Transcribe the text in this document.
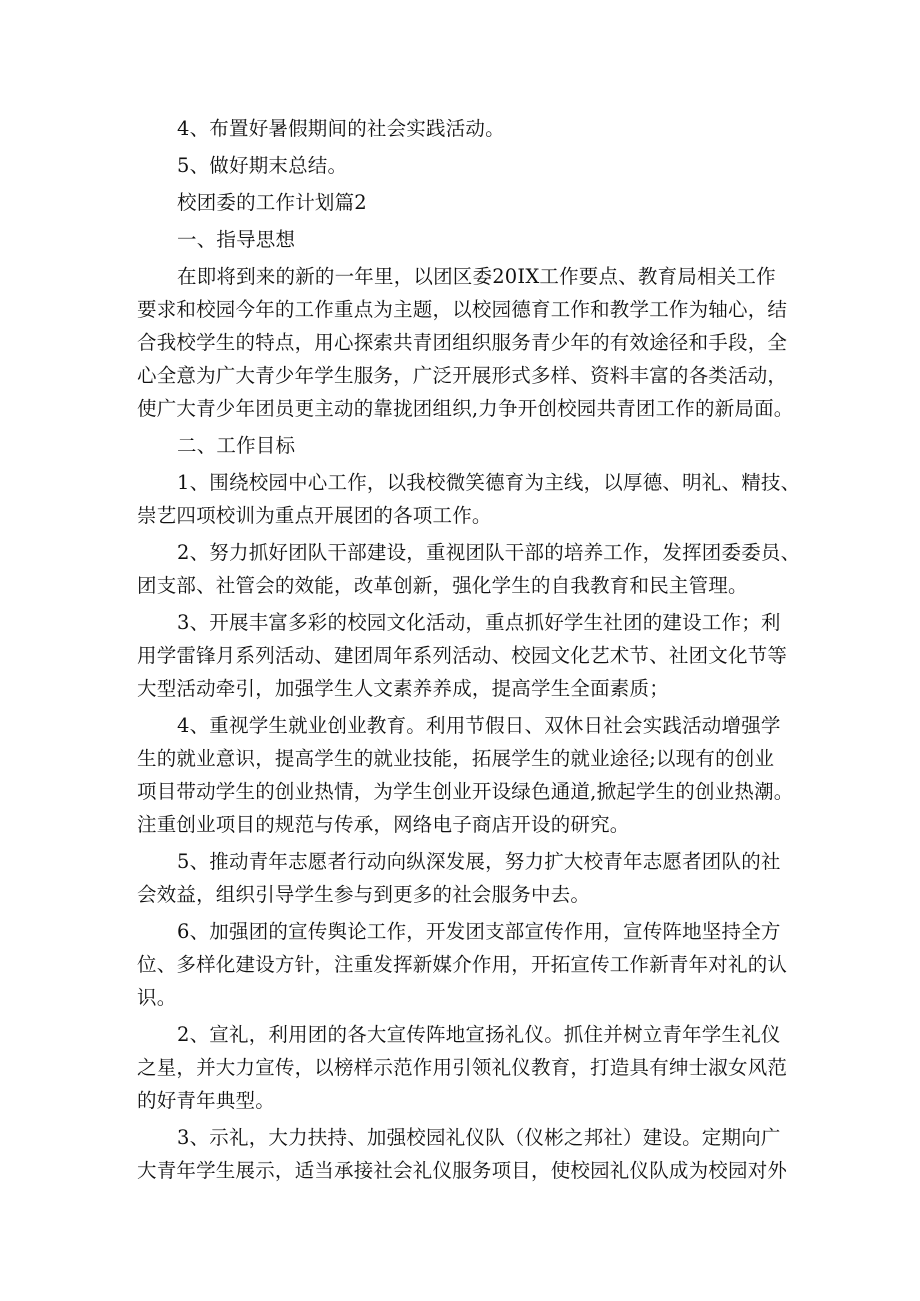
4、布置好暑假期间的社会实践活动。
5、做好期末总结。
校团委的工作计划篇2
一、指导思想
在即将到来的新的一年里，以团区委20IX工作要点、教育局相关工作
要求和校园今年的工作重点为主题，以校园德育工作和教学工作为轴心，结
合我校学生的特点，用心探索共青团组织服务青少年的有效途径和手段，全
心全意为广大青少年学生服务，广泛开展形式多样、资料丰富的各类活动，
使广大青少年团员更主动的靠拢团组织,力争开创校园共青团工作的新局面。
二、工作目标
1、围绕校园中心工作，以我校微笑德育为主线，以厚德、明礼、精技、
崇艺四项校训为重点开展团的各项工作。
2、努力抓好团队干部建设，重视团队干部的培养工作，发挥团委委员、
团支部、社管会的效能，改革创新，强化学生的自我教育和民主管理。
3、开展丰富多彩的校园文化活动，重点抓好学生社团的建设工作；利
用学雷锋月系列活动、建团周年系列活动、校园文化艺术节、社团文化节等
大型活动牵引，加强学生人文素养养成，提高学生全面素质；
4、重视学生就业创业教育。利用节假日、双休日社会实践活动增强学
生的就业意识，提高学生的就业技能，拓展学生的就业途径;以现有的创业
项目带动学生的创业热情，为学生创业开设绿色通道,掀起学生的创业热潮。
注重创业项目的规范与传承，网络电子商店开设的研究。
5、推动青年志愿者行动向纵深发展，努力扩大校青年志愿者团队的社
会效益，组织引导学生参与到更多的社会服务中去。
6、加强团的宣传舆论工作，开发团支部宣传作用，宣传阵地坚持全方
位、多样化建设方针，注重发挥新媒介作用，开拓宣传工作新青年对礼的认
识。
2、宣礼，利用团的各大宣传阵地宣扬礼仪。抓住并树立青年学生礼仪
之星，并大力宣传，以榜样示范作用引领礼仪教育，打造具有绅士淑女风范
的好青年典型。
3、示礼，大力扶持、加强校园礼仪队（仪彬之邦社）建设。定期向广
大青年学生展示，适当承接社会礼仪服务项目，使校园礼仪队成为校园对外
